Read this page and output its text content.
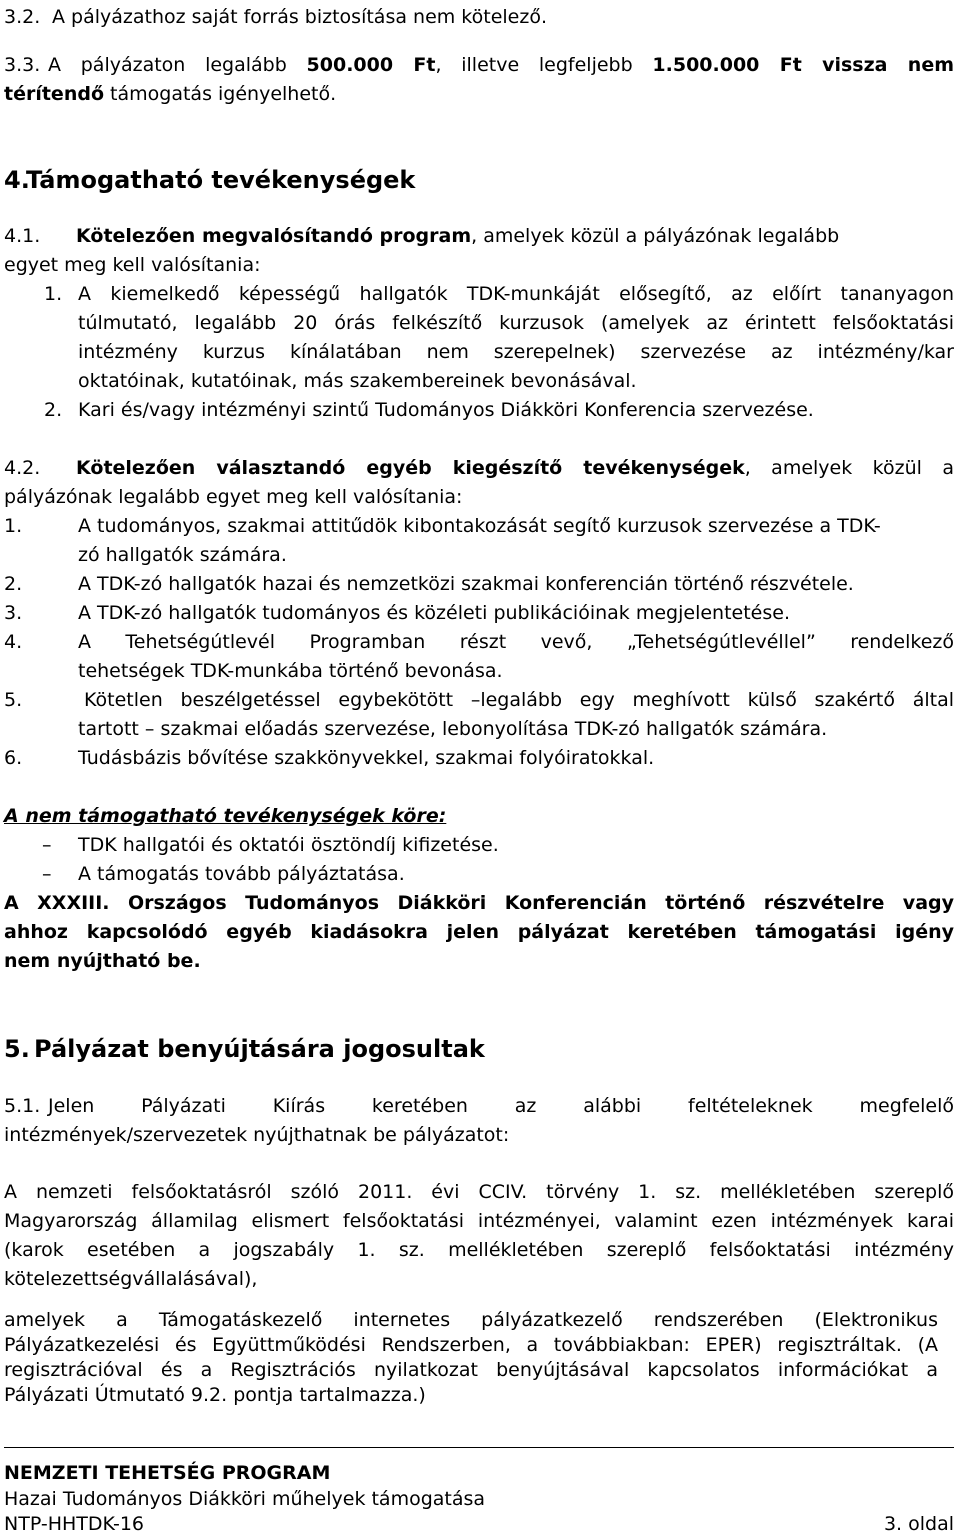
3.2. A pályázathoz saját forrás biztosítása nem kötelező.
3.3. A pályázaton legalább 500.000 Ft, illetve legfeljebb 1.500.000 Ft vissza nem
térítendő támogatás igényelhető.
4.Támogatható tevékenységek
4.1. Kötelezően megvalósítandó program, amelyek közül a pályázónak legalább
egyet meg kell valósítania:
1. A kiemelkedő képességű hallgatók TDK-munkáját elősegítő, az előírt tananyagon
túlmutató, legalább 20 órás felkészítő kurzusok (amelyek az érintett felsőoktatási
intézmény kurzus kínálatában nem szerepelnek) szervezése az intézmény/kar
oktatóinak, kutatóinak, más szakembereinek bevonásával.
2. Kari és/vagy intézményi szintű Tudományos Diákköri Konferencia szervezése.
4.2. Kötelezően választandó egyéb kiegészítő tevékenységek, amelyek közül a
pályázónak legalább egyet meg kell valósítania:
1.	A tudományos, szakmai attitűdök kibontakozását segítő kurzusok szervezése a TDK-
zó hallgatók számára.
2.	A TDK-zó hallgatók hazai és nemzetközi szakmai konferencián történő részvétele.
3.	A TDK-zó hallgatók tudományos és közéleti publikációinak megjelentetése.
4.	A Tehetségútlevél Programban részt vevő, „Tehetségútlevéllel” rendelkező
tehetségek TDK-munkába történő bevonása.
5.	Kötetlen beszélgetéssel egybekötött –legalább egy meghívott külső szakértő által
tartott – szakmai előadás szervezése, lebonyolítása TDK-zó hallgatók számára.
6.	Tudásbázis bővítése szakkönyvekkel, szakmai folyóiratokkal.
A nem támogatható tevékenységek köre:
– TDK hallgatói és oktatói ösztöndíj kifizetése.
– A támogatás tovább pályáztatása.
A XXXIII. Országos Tudományos Diákköri Konferencián történő részvételre vagy
ahhoz kapcsolódó egyéb kiadásokra jelen pályázat keretében támogatási igény
nem nyújtható be.
5. Pályázat benyújtására jogosultak
5.1. Jelen Pályázati Kiírás keretében az alábbi feltételeknek megfelelő
intézmények/szervezetek nyújthatnak be pályázatot:
A nemzeti felsőoktatásról szóló 2011. évi CCIV. törvény 1. sz. mellékletében szereplő
Magyarország államilag elismert felsőoktatási intézményei, valamint ezen intézmények karai
(karok esetében a jogszabály 1. sz. mellékletében szereplő felsőoktatási intézmény
kötelezettségvállalásával),
amelyek a Támogatáskezelő internetes pályázatkezelő rendszerében (Elektronikus
Pályázatkezelési és Együttműködési Rendszerben, a továbbiakban: EPER) regisztráltak. (A
regisztrációval és a Regisztrációs nyilatkozat benyújtásával kapcsolatos információkat a
Pályázati Útmutató 9.2. pontja tartalmazza.)
NEMZETI TEHETSÉG PROGRAM
Hazai Tudományos Diákköri műhelyek támogatása
NTP-HHTDK-16	3. oldal
